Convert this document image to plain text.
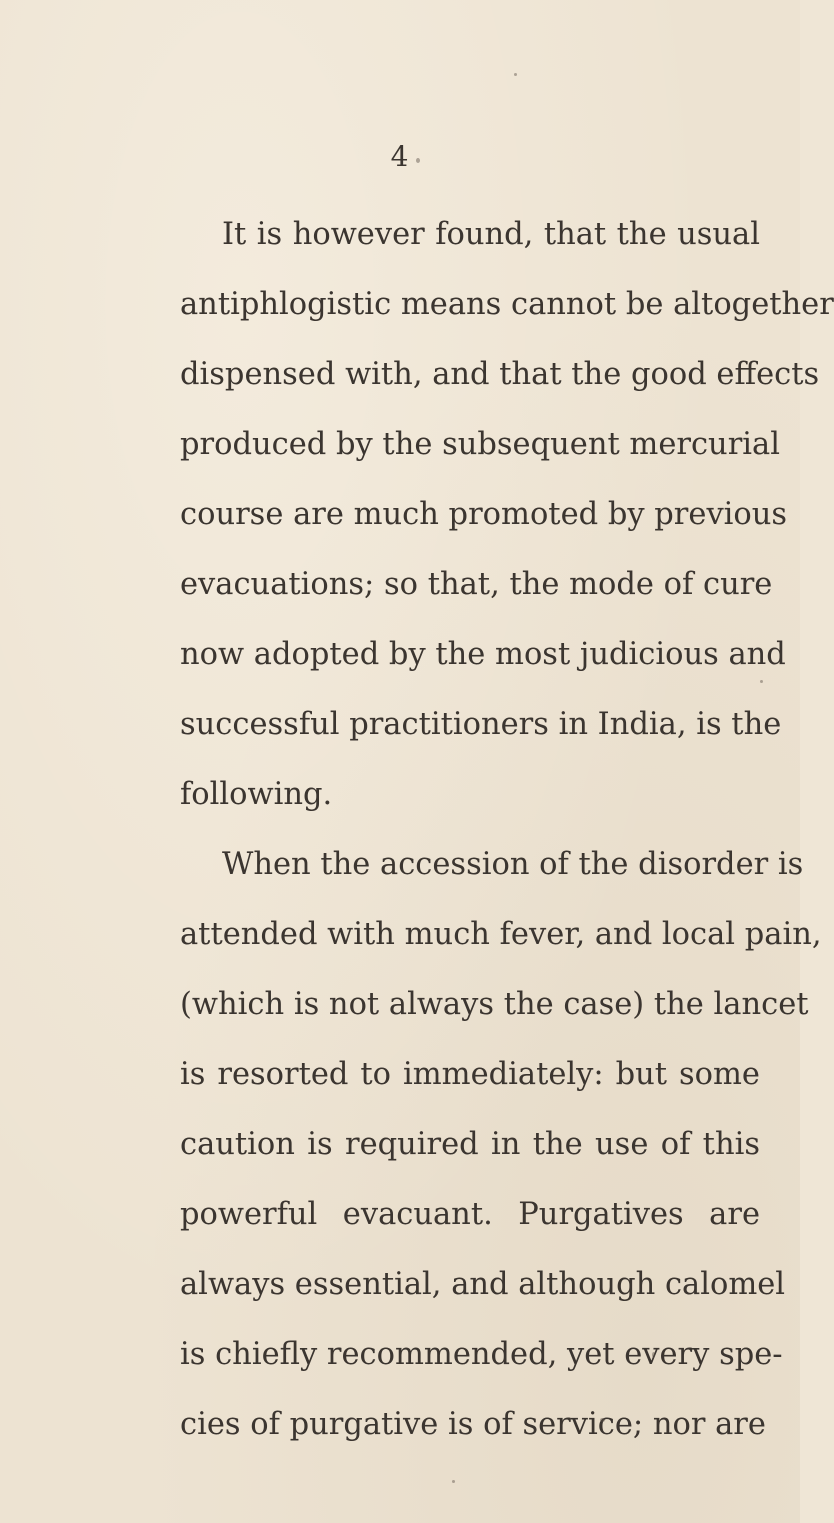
4
It is however found, that the usual
antiphlogistic means cannot be altogether
dispensed with, and that the good effects
produced by the subsequent mercurial
course are much promoted by previous
evacuations; so that, the mode of cure
now adopted by the most judicious and
successful practitioners in India, is the
following.
When the accession of the disorder is
attended with much fever, and local pain,
(which is not always the case) the lancet
is resorted to immediately: but some
caution is required in the use of this
powerful evacuant. Purgatives are
always essential, and although calomel
is chiefly recommended, yet every spe-
cies of purgative is of service; nor are
